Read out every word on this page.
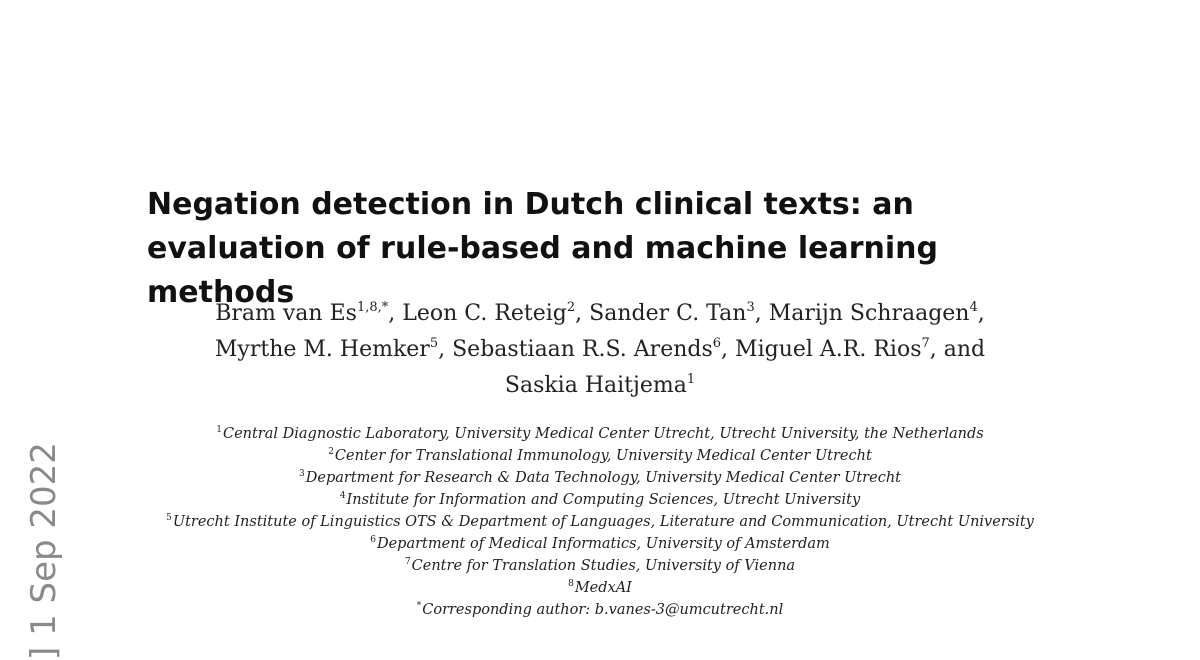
Negation detection in Dutch clinical texts: an evaluation of rule-based and machine learning methods
Bram van $Es^{1,8,*}$, Leon C. Reteig$^2$, Sander C. Tan$^3$, Marijn Schraagen$^4$,
Myrthe M. Hemker$^5$, Sebastiaan R.S. Arends$^6$, Miguel A.R. Rios$^7$, and
Saskia Haitjema$^1$
$^1$Central Diagnostic Laboratory, University Medical Center Utrecht, Utrecht University, the Netherlands
$^2$Center for Translational Immunology, University Medical Center Utrecht
$^3$Department for Research & Data Technology, University Medical Center Utrecht
$^4$Institute for Information and Computing Sciences, Utrecht University
$^5$Utrecht Institute of Linguistics OTS & Department of Languages, Literature and Communication, Utrecht University
$^6$Department of Medical Informatics, University of Amsterdam
$^7$Centre for Translation Studies, University of Vienna
$^8$MedxAI
*Corresponding author: b.vanes-3@umcutrecht.nl
] 1 Sep 2022
